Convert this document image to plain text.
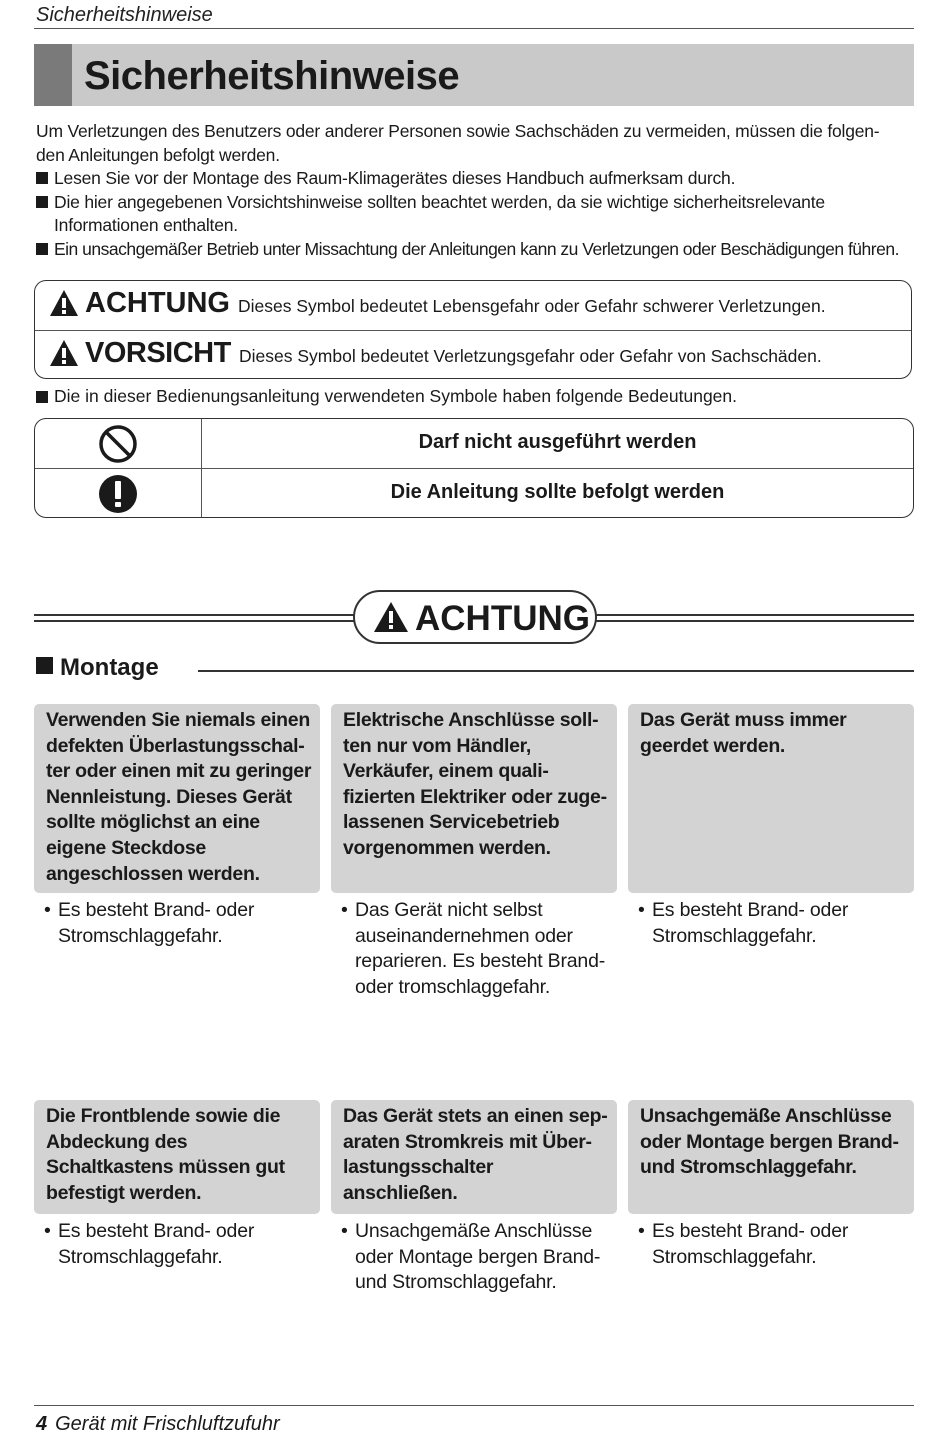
Sicherheitshinweise
Sicherheitshinweise

Um Verletzungen des Benutzers oder anderer Personen sowie Sachschäden zu vermeiden, müssen die folgen-

den Anleitungen befolgt werden.

Lesen Sie vor der Montage des Raum-Klimagerätes dieses Handbuch aufmerksam durch.
Die hier angegebenen Vorsichtshinweise sollten beachtet werden, da sie wichtige sicherheitsrelevante
Informationen enthalten.
Ein unsachgemäßer Betrieb unter Missachtung der Anleitungen kann zu Verletzungen oder Beschädigungen führen.
ACHTUNG Dieses Symbol bedeutet Lebensgefahr oder Gefahr schwerer Verletzungen.
VORSICHT Dieses Symbol bedeutet Verletzungsgefahr oder Gefahr von Sachschäden.
Die in dieser Bedienungsanleitung verwendeten Symbole haben folgende Bedeutungen.
Darf nicht ausgeführt werden
Die Anleitung sollte befolgt werden
ACHTUNG
Montage
Verwenden Sie niemals einen
defekten Überlastungsschal-
ter oder einen mit zu geringer
Nennleistung. Dieses Gerät
sollte möglichst an eine
eigene Steckdose
angeschlossen werden.
• Es besteht Brand- oder
Stromschlaggefahr.
Elektrische Anschlüsse soll-
ten nur vom Händler,
Verkäufer, einem quali-
fizierten Elektriker oder zuge-
lassenen Servicebetrieb
vorgenommen werden.
• Das Gerät nicht selbst
auseinandernehmen oder
reparieren. Es besteht Brand-
oder tromschlaggefahr.
Das Gerät muss immer
geerdet werden.
• Es besteht Brand- oder
Stromschlaggefahr.
Die Frontblende sowie die
Abdeckung des
Schaltkastens müssen gut
befestigt werden.
• Es besteht Brand- oder
Stromschlaggefahr.
Das Gerät stets an einen sep-
araten Stromkreis mit Über-
lastungsschalter
anschließen.
• Unsachgemäße Anschlüsse
oder Montage bergen Brand-
und Stromschlaggefahr.
Unsachgemäße Anschlüsse
oder Montage bergen Brand-
und Stromschlaggefahr.
• Es besteht Brand- oder
Stromschlaggefahr.
4 Gerät mit Frischluftzufuhr
